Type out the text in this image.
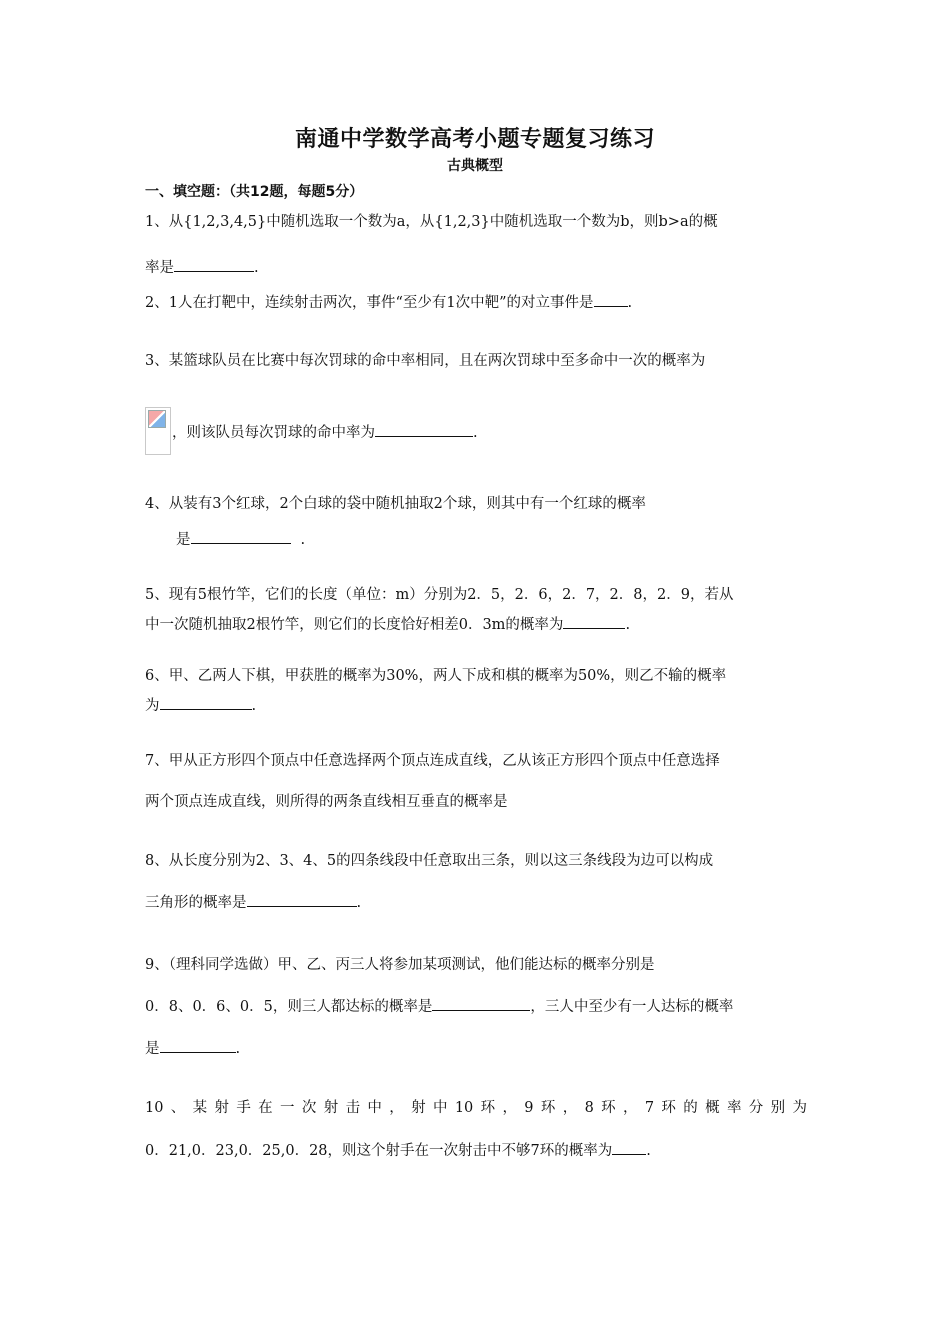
南通中学数学高考小题专题复习练习
古典概型
一、填空题：（共12题，每题5分）
1、从{1,2,3,4,5}中随机选取一个数为a，从{1,2,3}中随机选取一个数为b，则b>a的概
率是	.
2、1人在打靶中，连续射击两次，事件“至少有1次中靶”的对立事件是 .
3、某篮球队员在比赛中每次罚球的命中率相同，且在两次罚球中至多命中一次的概率为
，则该队员每次罚球的命中率为	.
4、从装有3个红球，2个白球的袋中随机抽取2个球，则其中有一个红球的概率
是	.
5、现有5根竹竿，它们的长度（单位：m）分别为2．5，2．6，2．7，2．8，2．9，若从
中一次随机抽取2根竹竿，则它们的长度恰好相差0．3m的概率为	.
6、甲、乙两人下棋，甲获胜的概率为30%，两人下成和棋的概率为50%，则乙不输的概率
为	.
7、甲从正方形四个顶点中任意选择两个顶点连成直线，乙从该正方形四个顶点中任意选择
两个顶点连成直线，则所得的两条直线相互垂直的概率是
8、从长度分别为2、3、4、5的四条线段中任意取出三条，则以这三条线段为边可以构成
三角形的概率是	.
9、（理科同学选做）甲、乙、丙三人将参加某项测试，他们能达标的概率分别是
0．8、0．6、0．5，则三人都达标的概率是	，三人中至少有一人达标的概率
是	.
10、某射手在一次射击中，射中10环，9环，8环，7环的概率分别为
0．21,0．23,0．25,0．28，则这个射手在一次射击中不够7环的概率为 .
